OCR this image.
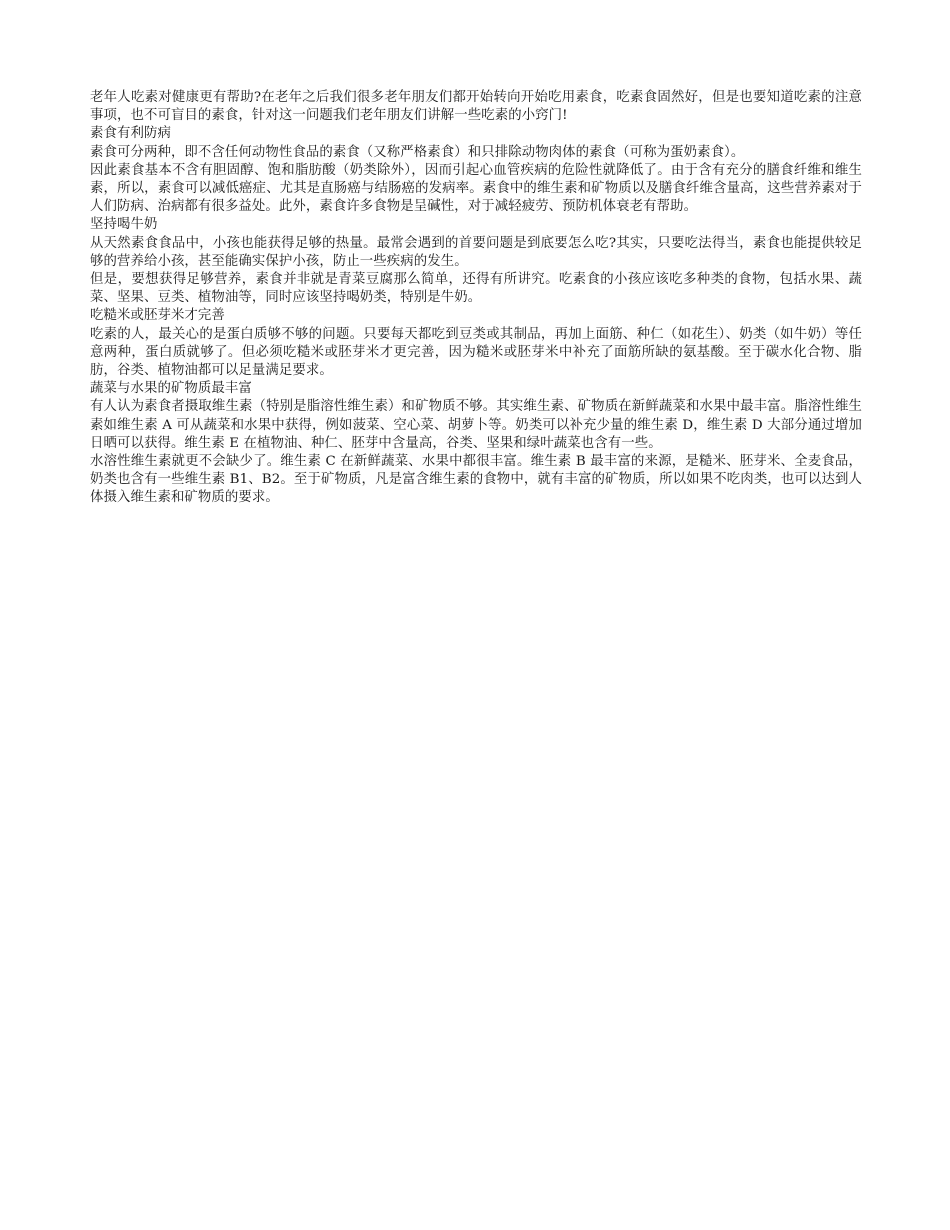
老年人吃素对健康更有帮助?在老年之后我们很多老年朋友们都开始转向开始吃用素食，吃素食固然好，但是也要知道吃素的注意事项，也不可盲目的素食，针对这一问题我们老年朋友们讲解一些吃素的小窍门!

素食有利防病

素食可分两种，即不含任何动物性食品的素食（又称严格素食）和只排除动物肉体的素食（可称为蛋奶素食）。

因此素食基本不含有胆固醇、饱和脂肪酸（奶类除外），因而引起心血管疾病的危险性就降低了。由于含有充分的膳食纤维和维生素，所以，素食可以减低癌症、尤其是直肠癌与结肠癌的发病率。素食中的维生素和矿物质以及膳食纤维含量高，这些营养素对于人们防病、治病都有很多益处。此外，素食许多食物是呈碱性，对于减轻疲劳、预防机体衰老有帮助。

坚持喝牛奶

从天然素食食品中，小孩也能获得足够的热量。最常会遇到的首要问题是到底要怎么吃?其实，只要吃法得当，素食也能提供较足够的营养给小孩，甚至能确实保护小孩，防止一些疾病的发生。

但是，要想获得足够营养，素食并非就是青菜豆腐那么简单，还得有所讲究。吃素食的小孩应该吃多种类的食物，包括水果、蔬菜、坚果、豆类、植物油等，同时应该坚持喝奶类，特别是牛奶。

吃糙米或胚芽米才完善

吃素的人，最关心的是蛋白质够不够的问题。只要每天都吃到豆类或其制品，再加上面筋、种仁（如花生）、奶类（如牛奶）等任意两种，蛋白质就够了。但必须吃糙米或胚芽米才更完善，因为糙米或胚芽米中补充了面筋所缺的氨基酸。至于碳水化合物、脂肪，谷类、植物油都可以足量满足要求。

蔬菜与水果的矿物质最丰富

有人认为素食者摄取维生素（特别是脂溶性维生素）和矿物质不够。其实维生素、矿物质在新鲜蔬菜和水果中最丰富。脂溶性维生素如维生素 A 可从蔬菜和水果中获得，例如菠菜、空心菜、胡萝卜等。奶类可以补充少量的维生素 D，维生素 D 大部分通过增加日晒可以获得。维生素 E 在植物油、种仁、胚芽中含量高，谷类、坚果和绿叶蔬菜也含有一些。

水溶性维生素就更不会缺少了。维生素 C 在新鲜蔬菜、水果中都很丰富。维生素 B 最丰富的来源，是糙米、胚芽米、全麦食品，奶类也含有一些维生素 B1、B2。至于矿物质，凡是富含维生素的食物中，就有丰富的矿物质，所以如果不吃肉类，也可以达到人体摄入维生素和矿物质的要求。
